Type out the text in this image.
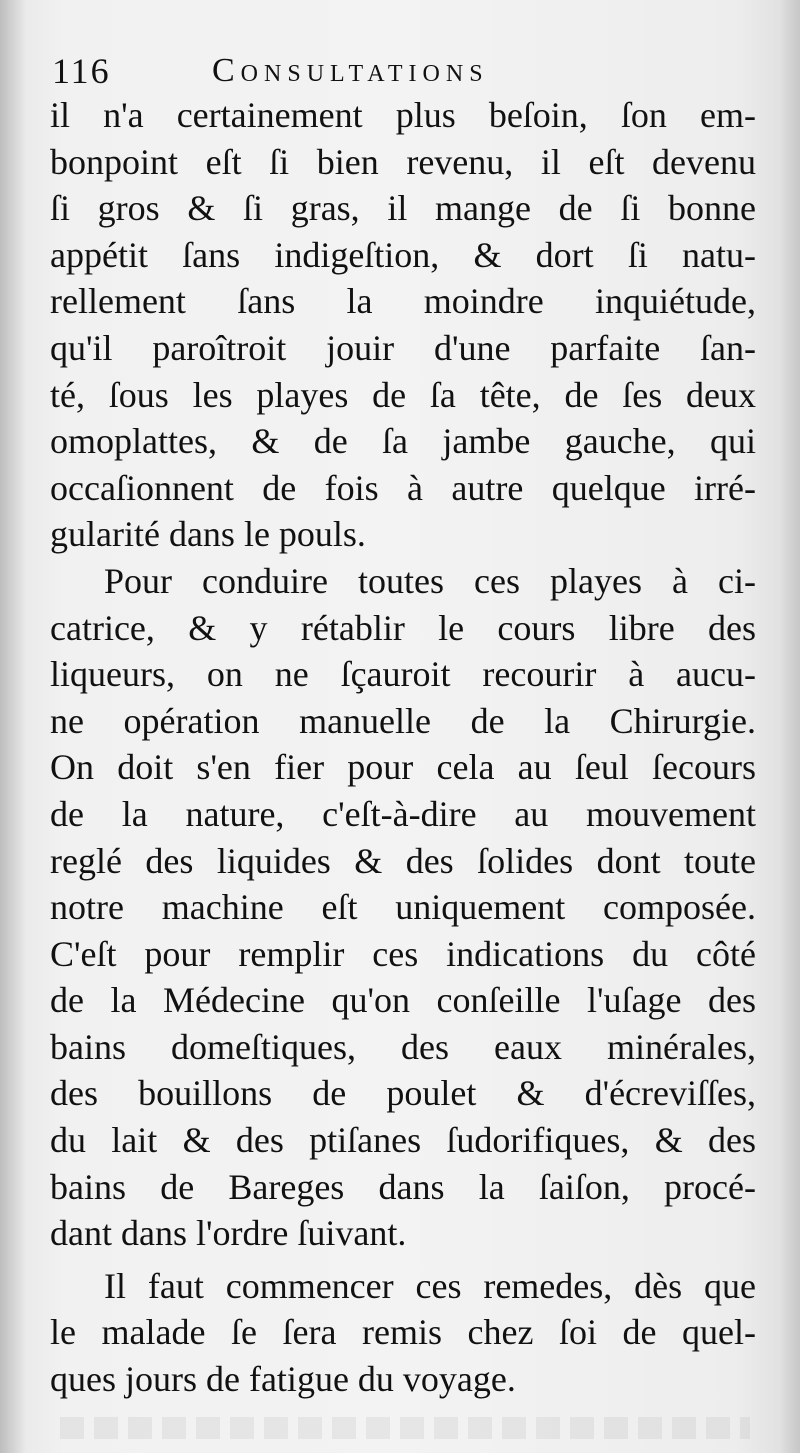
116	Consultations
il n'a certainement plus beſoin, ſon em-
bonpoint eſt ſi bien revenu, il eſt devenu
ſi gros & ſi gras, il mange de ſi bonne
appétit ſans indigeſtion, & dort ſi natu-
rellement ſans la moindre inquiétude,
qu'il paroîtroit jouir d'une parfaite ſan-
té, ſous les playes de ſa tête, de ſes deux
omoplattes, & de ſa jambe gauche, qui
occaſionnent de fois à autre quelque irré-
gularité dans le pouls.
Pour conduire toutes ces playes à ci-
catrice, & y rétablir le cours libre des
liqueurs, on ne ſçauroit recourir à aucu-
ne opération manuelle de la Chirurgie.
On doit s'en fier pour cela au ſeul ſecours
de la nature, c'eſt-à-dire au mouvement
reglé des liquides & des ſolides dont toute
notre machine eſt uniquement composée.
C'eſt pour remplir ces indications du côté
de la Médecine qu'on conſeille l'uſage des
bains domeſtiques, des eaux minérales,
des bouillons de poulet & d'écreviſſes,
du lait & des ptiſanes ſudorifiques, & des
bains de Bareges dans la ſaiſon, procé-
dant dans l'ordre ſuivant.
Il faut commencer ces remedes, dès que
le malade ſe ſera remis chez ſoi de quel-
ques jours de fatigue du voyage.
